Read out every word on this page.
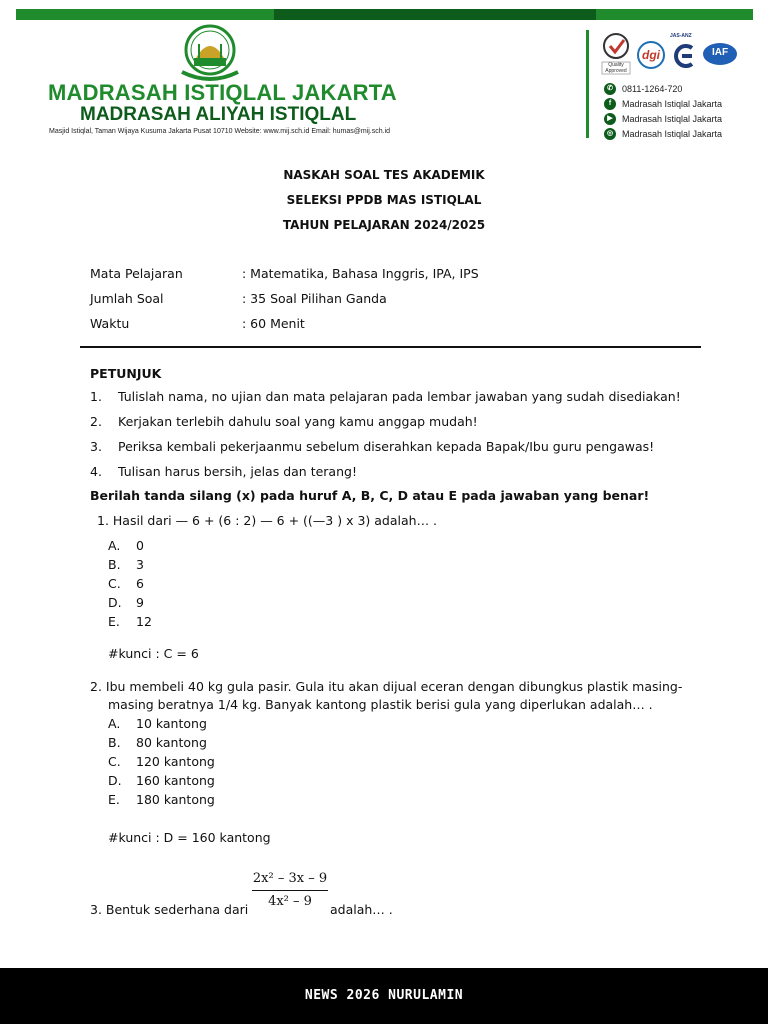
MADRASAH ISTIQLAL JAKARTA
MADRASAH ALIYAH ISTIQLAL
Masjid Istiqlal, Taman Wijaya Kusuma Jakarta Pusat 10710 Website: www.mij.sch.id Email: humas@mij.sch.id
Quality Approved
dgi
JAS-ANZ
IAF
✆	0811-1264-720
f	Madrasah Istiqlal Jakarta
▶	Madrasah Istiqlal Jakarta
◎ Madrasah Istiqlal Jakarta
NASKAH SOAL TES AKADEMIK
SELEKSI PPDB MAS ISTIQLAL
TAHUN PELAJARAN 2024/2025
Mata Pelajaran	: Matematika, Bahasa Inggris, IPA, IPS
Jumlah Soal	: 35 Soal Pilihan Ganda
Waktu	: 60 Menit
PETUNJUK
1. Tulislah nama, no ujian dan mata pelajaran pada lembar jawaban yang sudah disediakan!
2. Kerjakan terlebih dahulu soal yang kamu anggap mudah!
3. Periksa kembali pekerjaanmu sebelum diserahkan kepada Bapak/Ibu guru pengawas!
4. Tulisan harus bersih, jelas dan terang!
Berilah tanda silang (x) pada huruf A, B, C, D atau E pada jawaban yang benar!
1. Hasil dari — 6 + (6 : 2) — 6 + ((—3 ) x 3) adalah… .
A. 0
B. 3
C. 6
D. 9
E. 12
#kunci : C = 6
2. Ibu membeli 40 kg gula pasir. Gula itu akan dijual eceran dengan dibungkus plastik masing-
masing beratnya 1/4 kg. Banyak kantong plastik berisi gula yang diperlukan adalah… .
A. 10 kantong
B. 80 kantong
C. 120 kantong
D. 160 kantong
E. 180 kantong
#kunci : D = 160 kantong
2x² – 3x – 9
4x² – 9
3. Bentuk sederhana dari	adalah… .
NEWS 2026 NURULAMIN
